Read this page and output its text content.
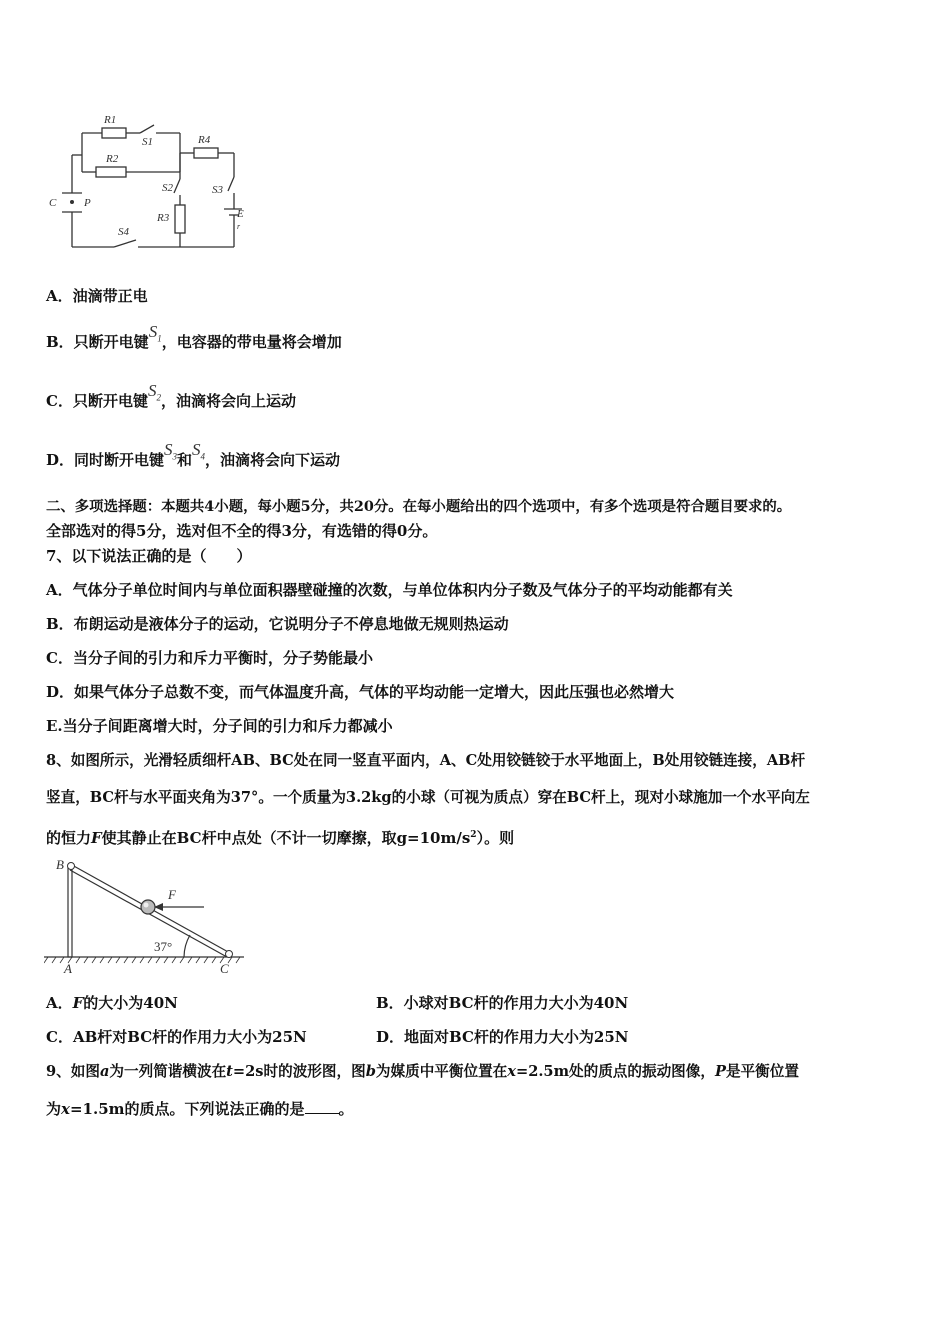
R1
S1
R2
R4
S2	S3
R3	E
r
C	P
S4
A．油滴带正电
B．只断开电键$S_1$，电容器的带电量将会增加
C．只断开电键$S_2$，油滴将会向上运动
D．同时断开电键$S_3$和$S_4$，油滴将会向下运动
二、多项选择题：本题共4小题，每小题5分，共20分。在每小题给出的四个选项中，有多个选项是符合题目要求的。
全部选对的得5分，选对但不全的得3分，有选错的得0分。
7、以下说法正确的是（　　）
A．气体分子单位时间内与单位面积器壁碰撞的次数，与单位体积内分子数及气体分子的平均动能都有关
B．布朗运动是液体分子的运动，它说明分子不停息地做无规则热运动
C．当分子间的引力和斥力平衡时，分子势能最小
D．如果气体分子总数不变，而气体温度升高，气体的平均动能一定增大，因此压强也必然增大
E.当分子间距离增大时，分子间的引力和斥力都减小
8、如图所示，光滑轻质细杆AB、BC处在同一竖直平面内，A、C处用铰链铰于水平地面上，B处用铰链连接，AB杆
竖直，BC杆与水平面夹角为37°。一个质量为3.2kg的小球（可视为质点）穿在BC杆上，现对小球施加一个水平向左
的恒力F使其静止在BC杆中点处（不计一切摩擦，取$g=10m/s^2$）。则
B
A	C
F
37°
A．F的大小为40N	B．小球对BC杆的作用力大小为40N
C．AB杆对BC杆的作用力大小为25N	D．地面对BC杆的作用力大小为25N
9、如图a为一列简谐横波在t=2s时的波形图，图b为媒质中平衡位置在x=2.5m处的质点的振动图像，P是平衡位置
为x=1.5m的质点。下列说法正确的是 。
